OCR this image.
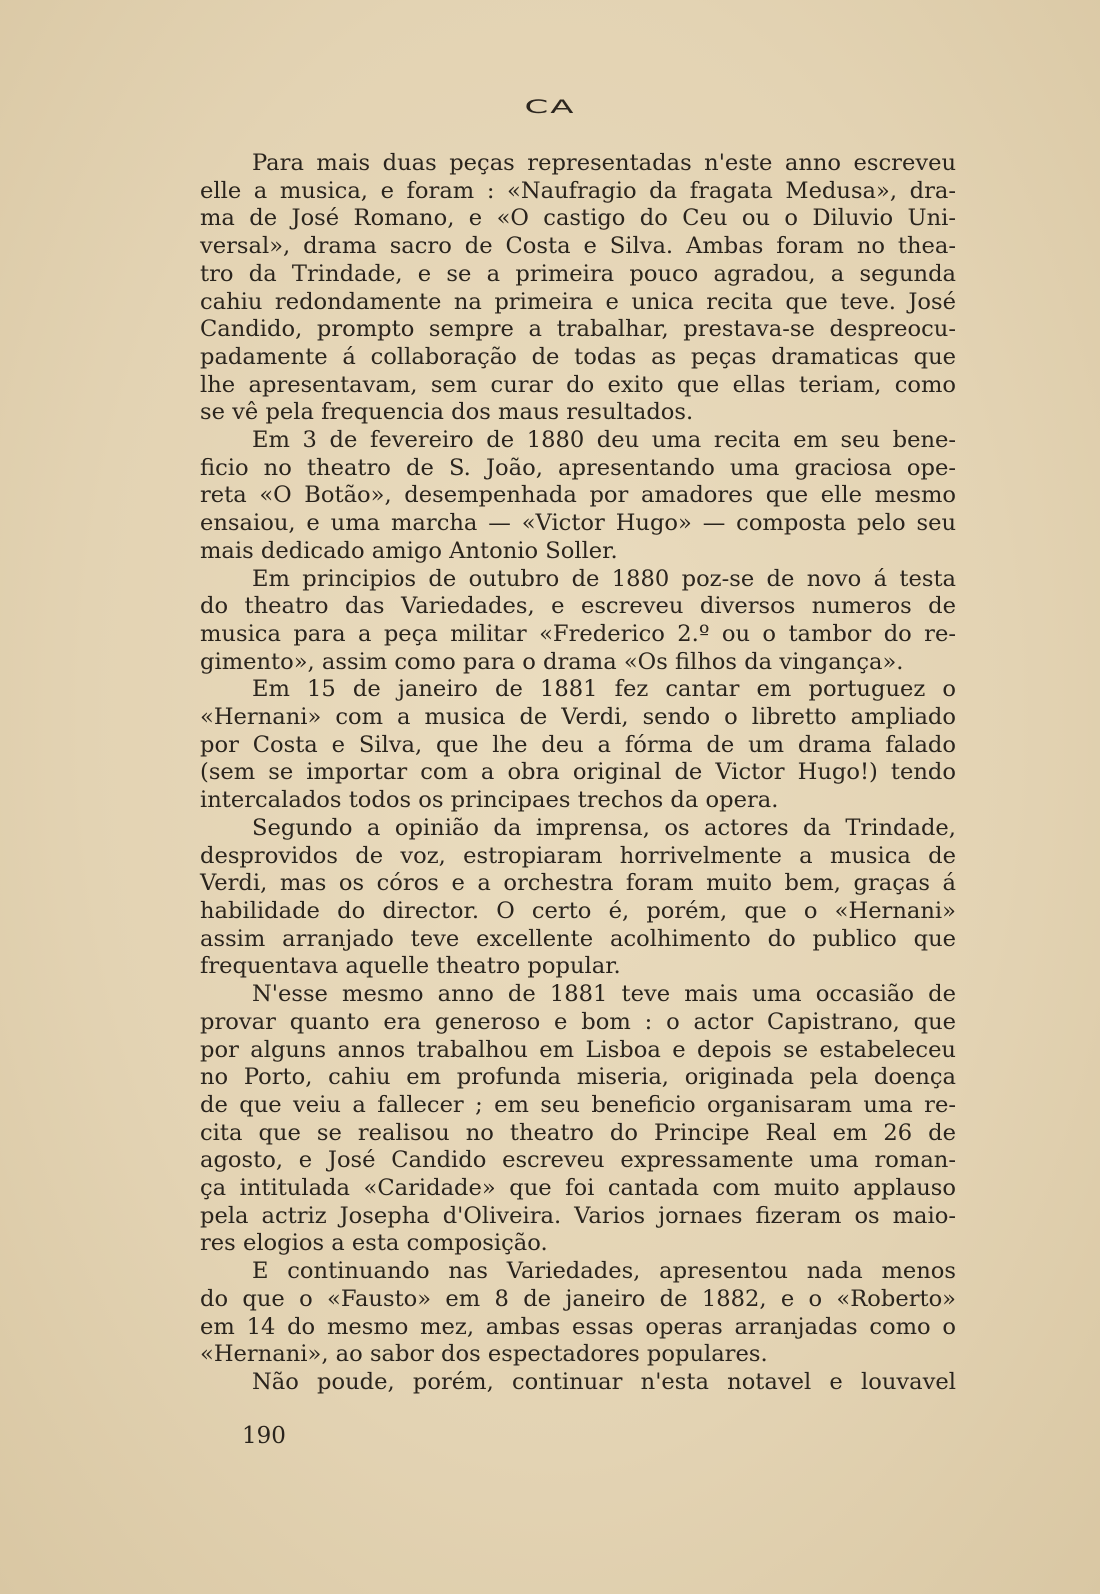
CA
Para mais duas peças representadas n'este anno escreveu
elle a musica, e foram : «Naufragio da fragata Medusa», dra-
ma de José Romano, e «O castigo do Ceu ou o Diluvio Uni-
versal», drama sacro de Costa e Silva. Ambas foram no thea-
tro da Trindade, e se a primeira pouco agradou, a segunda
cahiu redondamente na primeira e unica recita que teve. José
Candido, prompto sempre a trabalhar, prestava-se despreocu-
padamente á collaboração de todas as peças dramaticas que
lhe apresentavam, sem curar do exito que ellas teriam, como
se vê pela frequencia dos maus resultados.
Em 3 de fevereiro de 1880 deu uma recita em seu bene-
ficio no theatro de S. João, apresentando uma graciosa ope-
reta «O Botão», desempenhada por amadores que elle mesmo
ensaiou, e uma marcha — «Victor Hugo» — composta pelo seu
mais dedicado amigo Antonio Soller.
Em principios de outubro de 1880 poz-se de novo á testa
do theatro das Variedades, e escreveu diversos numeros de
musica para a peça militar «Frederico 2.º ou o tambor do re-
gimento», assim como para o drama «Os filhos da vingança».
Em 15 de janeiro de 1881 fez cantar em portuguez o
«Hernani» com a musica de Verdi, sendo o libretto ampliado
por Costa e Silva, que lhe deu a fórma de um drama falado
(sem se importar com a obra original de Victor Hugo!) tendo
intercalados todos os principaes trechos da opera.
Segundo a opinião da imprensa, os actores da Trindade,
desprovidos de voz, estropiaram horrivelmente a musica de
Verdi, mas os córos e a orchestra foram muito bem, graças á
habilidade do director. O certo é, porém, que o «Hernani»
assim arranjado teve excellente acolhimento do publico que
frequentava aquelle theatro popular.
N'esse mesmo anno de 1881 teve mais uma occasião de
provar quanto era generoso e bom : o actor Capistrano, que
por alguns annos trabalhou em Lisboa e depois se estabeleceu
no Porto, cahiu em profunda miseria, originada pela doença
de que veiu a fallecer ; em seu beneficio organisaram uma re-
cita que se realisou no theatro do Principe Real em 26 de
agosto, e José Candido escreveu expressamente uma roman-
ça intitulada «Caridade» que foi cantada com muito applauso
pela actriz Josepha d'Oliveira. Varios jornaes fizeram os maio-
res elogios a esta composição.
E continuando nas Variedades, apresentou nada menos
do que o «Fausto» em 8 de janeiro de 1882, e o «Roberto»
em 14 do mesmo mez, ambas essas operas arranjadas como o
«Hernani», ao sabor dos espectadores populares.
Não poude, porém, continuar n'esta notavel e louvavel
190
